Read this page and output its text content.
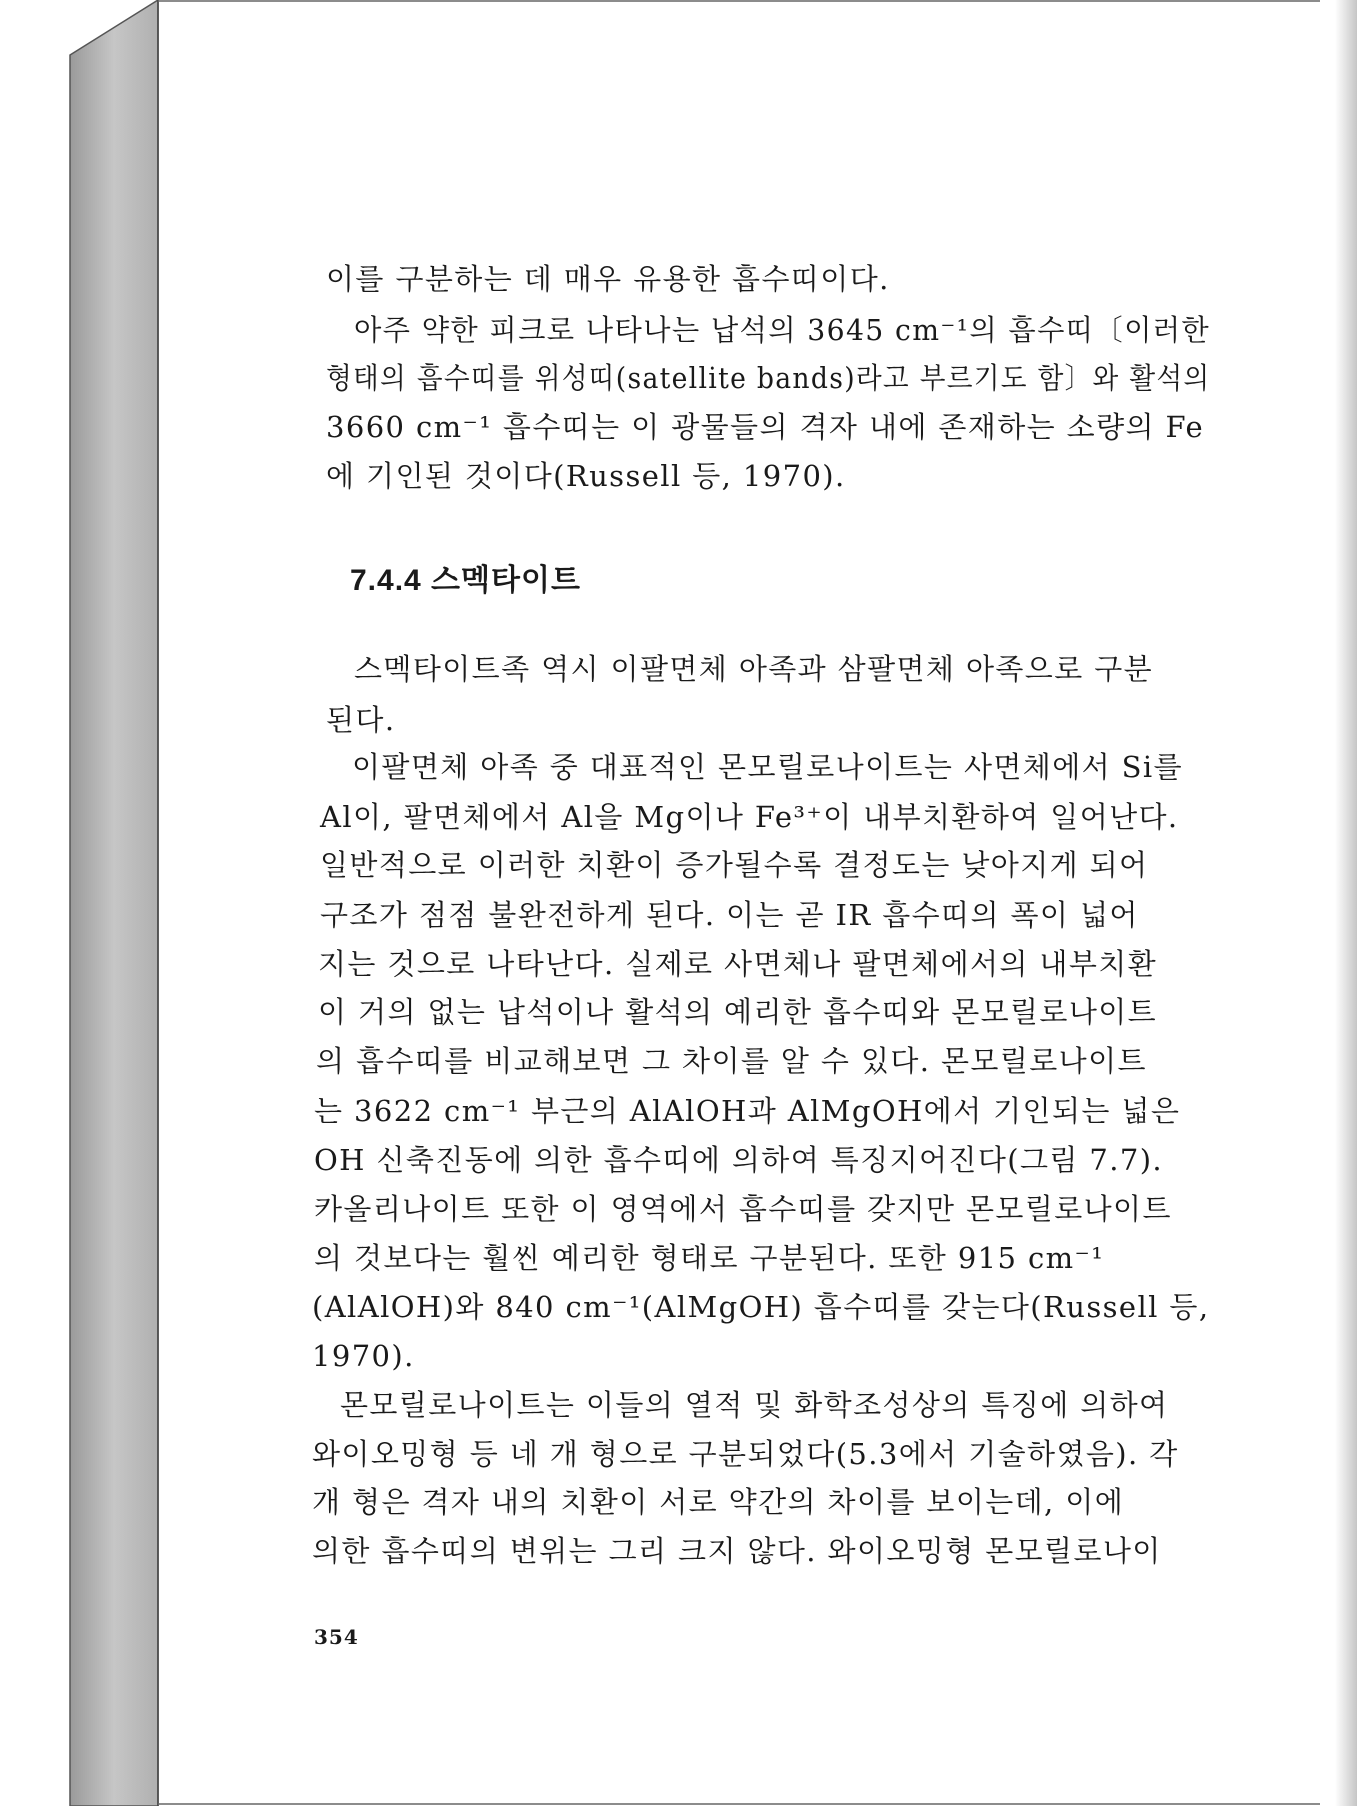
이를 구분하는 데 매우 유용한 흡수띠이다.
아주 약한 피크로 나타나는 납석의 3645 cm⁻¹의 흡수띠〔이러한
형태의 흡수띠를 위성띠(satellite bands)라고 부르기도 함〕와 활석의
3660 cm⁻¹ 흡수띠는 이 광물들의 격자 내에 존재하는 소량의 Fe
에 기인된 것이다(Russell 등, 1970).
7.4.4 스멕타이트
스멕타이트족 역시 이팔면체 아족과 삼팔면체 아족으로 구분
된다.
이팔면체 아족 중 대표적인 몬모릴로나이트는 사면체에서 Si를
Al이, 팔면체에서 Al을 Mg이나 Fe³⁺이 내부치환하여 일어난다.
일반적으로 이러한 치환이 증가될수록 결정도는 낮아지게 되어
구조가 점점 불완전하게 된다. 이는 곧 IR 흡수띠의 폭이 넓어
지는 것으로 나타난다. 실제로 사면체나 팔면체에서의 내부치환
이 거의 없는 납석이나 활석의 예리한 흡수띠와 몬모릴로나이트
의 흡수띠를 비교해보면 그 차이를 알 수 있다. 몬모릴로나이트
는 3622 cm⁻¹ 부근의 AlAlOH과 AlMgOH에서 기인되는 넓은
OH 신축진동에 의한 흡수띠에 의하여 특징지어진다(그림 7.7).
카올리나이트 또한 이 영역에서 흡수띠를 갖지만 몬모릴로나이트
의 것보다는 훨씬 예리한 형태로 구분된다. 또한 915 cm⁻¹
(AlAlOH)와 840 cm⁻¹(AlMgOH) 흡수띠를 갖는다(Russell 등,
1970).
몬모릴로나이트는 이들의 열적 및 화학조성상의 특징에 의하여
와이오밍형 등 네 개 형으로 구분되었다(5.3에서 기술하였음). 각
개 형은 격자 내의 치환이 서로 약간의 차이를 보이는데, 이에
의한 흡수띠의 변위는 그리 크지 않다. 와이오밍형 몬모릴로나이
354
